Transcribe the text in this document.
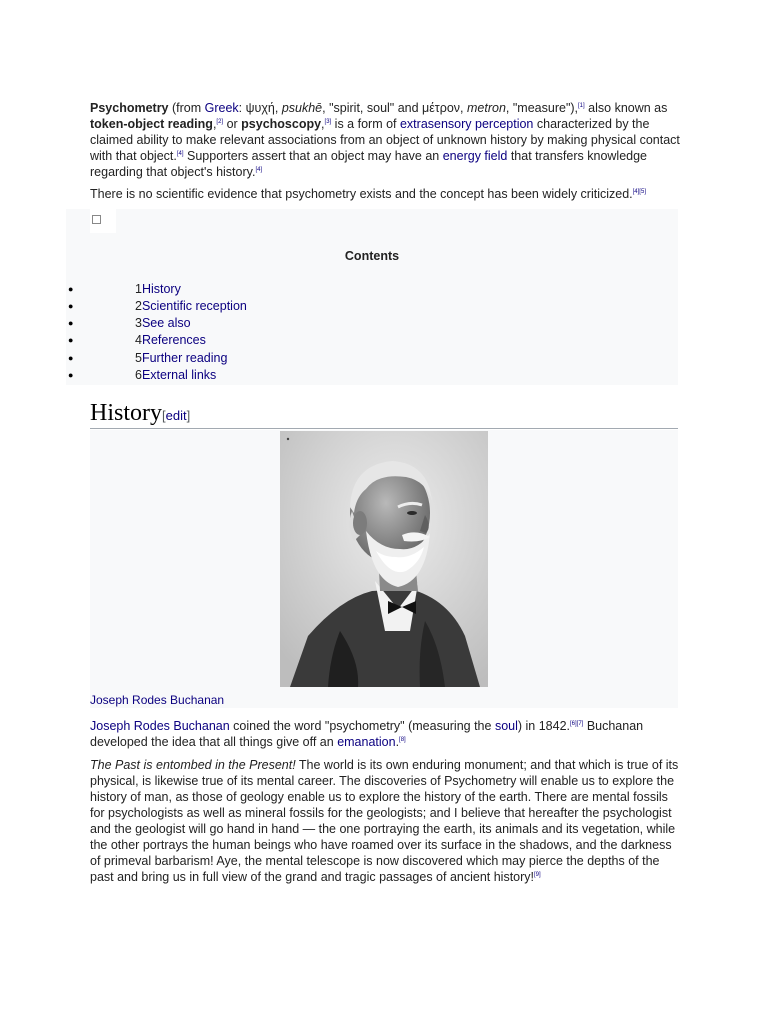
Psychometry (from Greek: ψυχή, psukhē, "spirit, soul" and μέτρον, metron, "measure"),[1] also known as token-object reading,[2] or psychoscopy,[3] is a form of extrasensory perception characterized by the claimed ability to make relevant associations from an object of unknown history by making physical contact with that object.[4] Supporters assert that an object may have an energy field that transfers knowledge regarding that object's history.[4]

There is no scientific evidence that psychometry exists and the concept has been widely criticized.[4][5]

Contents
●	1History
●	2Scientific reception
●	3See also
●	4References
●	5Further reading
●	6External links
History[edit]
Joseph Rodes Buchanan

Joseph Rodes Buchanan coined the word "psychometry" (measuring the soul) in 1842.[6][7] Buchanan developed the idea that all things give off an emanation.[8]

The Past is entombed in the Present! The world is its own enduring monument; and that which is true of its physical, is likewise true of its mental career. The discoveries of Psychometry will enable us to explore the history of man, as those of geology enable us to explore the history of the earth. There are mental fossils for psychologists as well as mineral fossils for the geologists; and I believe that hereafter the psychologist and the geologist will go hand in hand — the one portraying the earth, its animals and its vegetation, while the other portrays the human beings who have roamed over its surface in the shadows, and the darkness of primeval barbarism! Aye, the mental telescope is now discovered which may pierce the depths of the past and bring us in full view of the grand and tragic passages of ancient history![9]
